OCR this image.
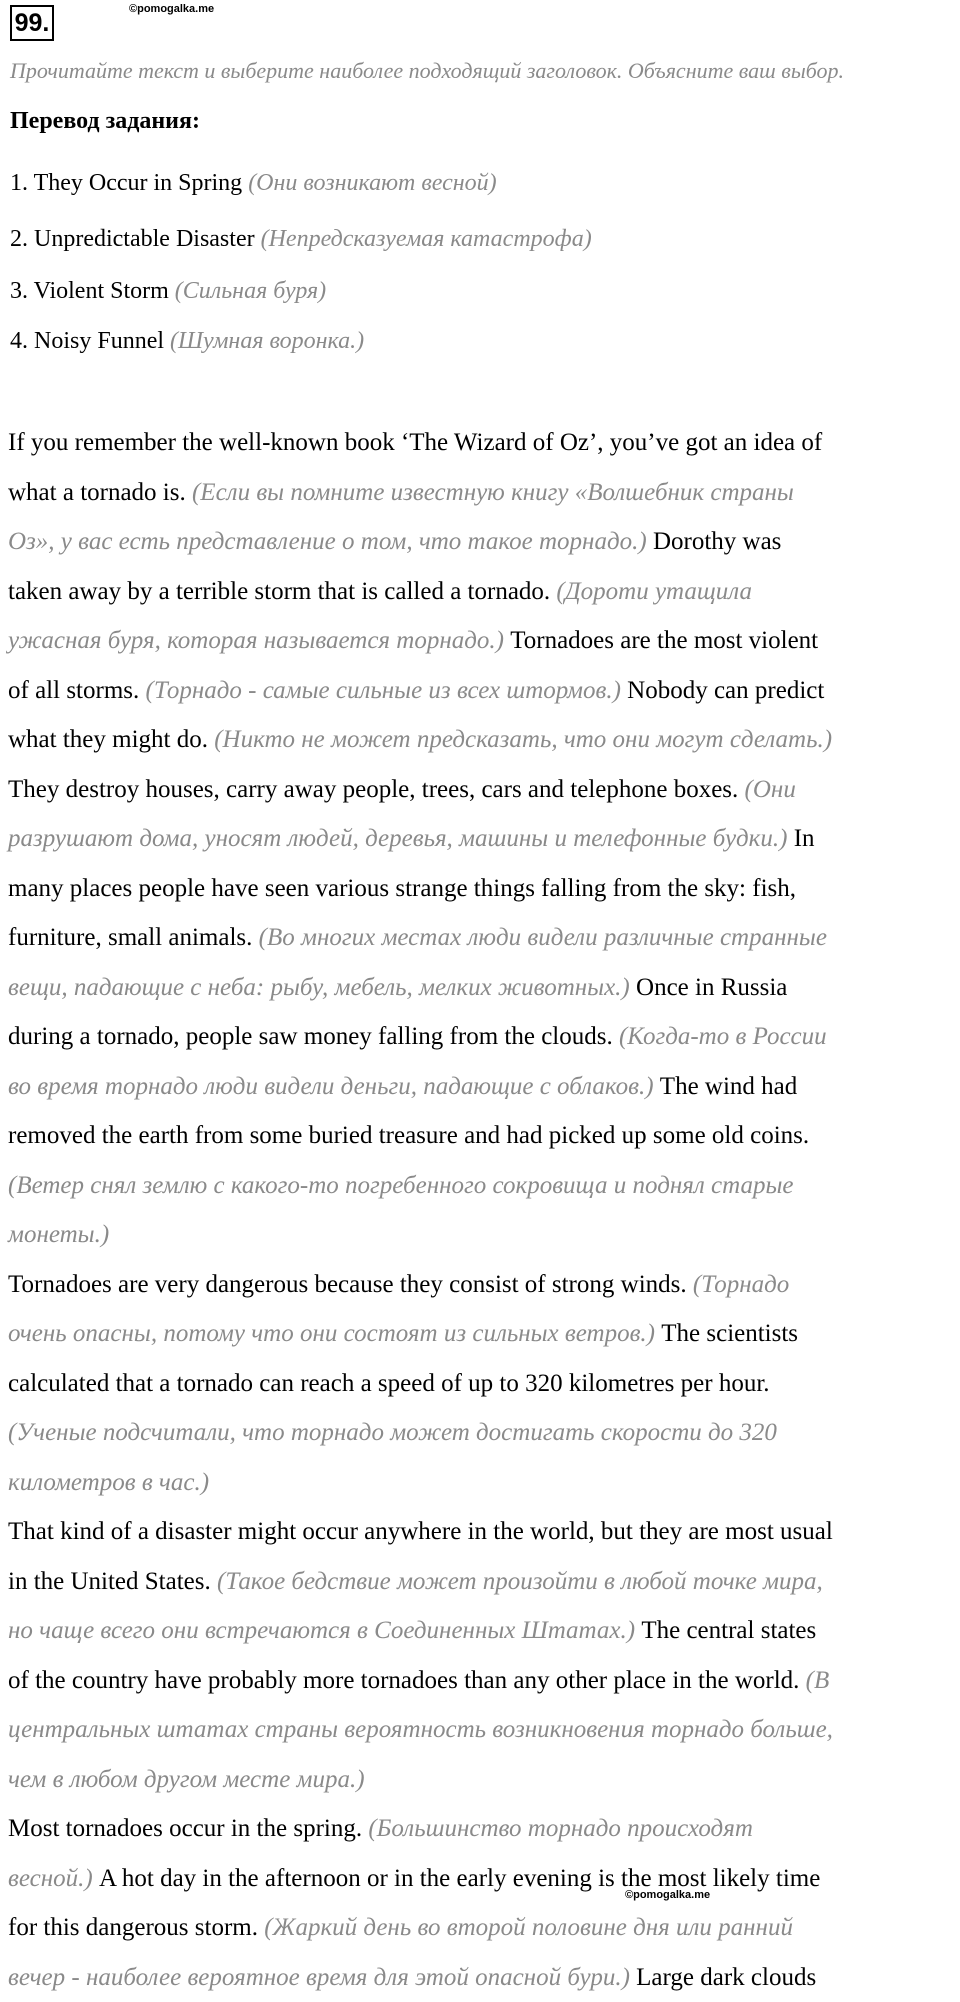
99.	©pomogalka.me
Прочитайте текст и выберите наиболее подходящий заголовок. Объясните ваш выбор.
Перевод задания:
1. They Occur in Spring (Они возникают весной)
2. Unpredictable Disaster (Непредсказуемая катастрофа)
3. Violent Storm (Сильная буря)
4. Noisy Funnel (Шумная воронка.)

If you remember the well-known book ‘The Wizard of Oz’, you’ve got an idea of
what a tornado is. (Если вы помните известную книгу «Волшебник страны
Оз», у вас есть представление о том, что такое торнадо.) Dorothy was
taken away by a terrible storm that is called a tornado. (Дороти утащила
ужасная буря, которая называется торнадо.) Tornadoes are the most violent
of all storms. (Торнадо - самые сильные из всех штормов.) Nobody can predict
what they might do. (Никто не может предсказать, что они могут сделать.)
They destroy houses, carry away people, trees, cars and telephone boxes. (Они
разрушают дома, уносят людей, деревья, машины и телефонные будки.) In
many places people have seen various strange things falling from the sky: fish,
furniture, small animals. (Во многих местах люди видели различные странные
вещи, падающие с неба: рыбу, мебель, мелких животных.) Once in Russia
during a tornado, people saw money falling from the clouds. (Когда-то в России
во время торнадо люди видели деньги, падающие с облаков.) The wind had
removed the earth from some buried treasure and had picked up some old coins.
(Ветер снял землю с какого-то погребенного сокровища и поднял старые
монеты.)

Tornadoes are very dangerous because they consist of strong winds. (Торнадо
очень опасны, потому что они состоят из сильных ветров.) The scientists
calculated that a tornado can reach a speed of up to 320 kilometres per hour.
(Ученые подсчитали, что торнадо может достигать скорости до 320
километров в час.)

That kind of a disaster might occur anywhere in the world, but they are most usual
in the United States. (Такое бедствие может произойти в любой точке мира,
но чаще всего они встречаются в Соединенных Штатах.) The central states
of the country have probably more tornadoes than any other place in the world. (В
центральных штатах страны вероятность возникновения торнадо больше,
чем в любом другом месте мира.)

Most tornadoes occur in the spring. (Большинство торнадо происходят
весной.) A hot day in the afternoon or in the early evening is the most likely time
for this dangerous storm. (Жаркий день во второй половине дня или ранний
вечер - наиболее вероятное время для этой опасной бури.) Large dark clouds

©pomogalka.me
